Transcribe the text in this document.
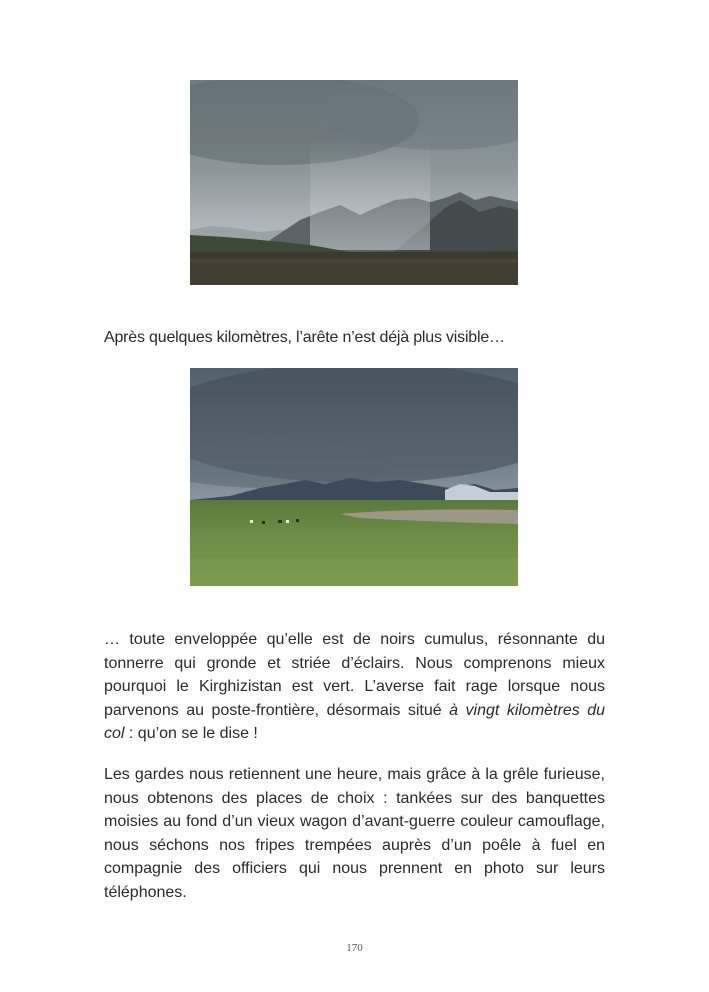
Après quelques kilomètres, l’arête n’est déjà plus visible…

… toute enveloppée qu’elle est de noirs cumulus, résonnante du tonnerre qui gronde et striée d’éclairs. Nous comprenons mieux pourquoi le Kirghizistan est vert. L’averse fait rage lorsque nous parvenons au poste-frontière, désormais situé à vingt kilomètres du col : qu’on se le dise !

Les gardes nous retiennent une heure, mais grâce à la grêle furieuse, nous obtenons des places de choix : tankées sur des banquettes moisies au fond d’un vieux wagon d’avant-guerre couleur camouflage, nous séchons nos fripes trempées auprès d’un poêle à fuel en compagnie des officiers qui nous prennent en photo sur leurs téléphones.

170
